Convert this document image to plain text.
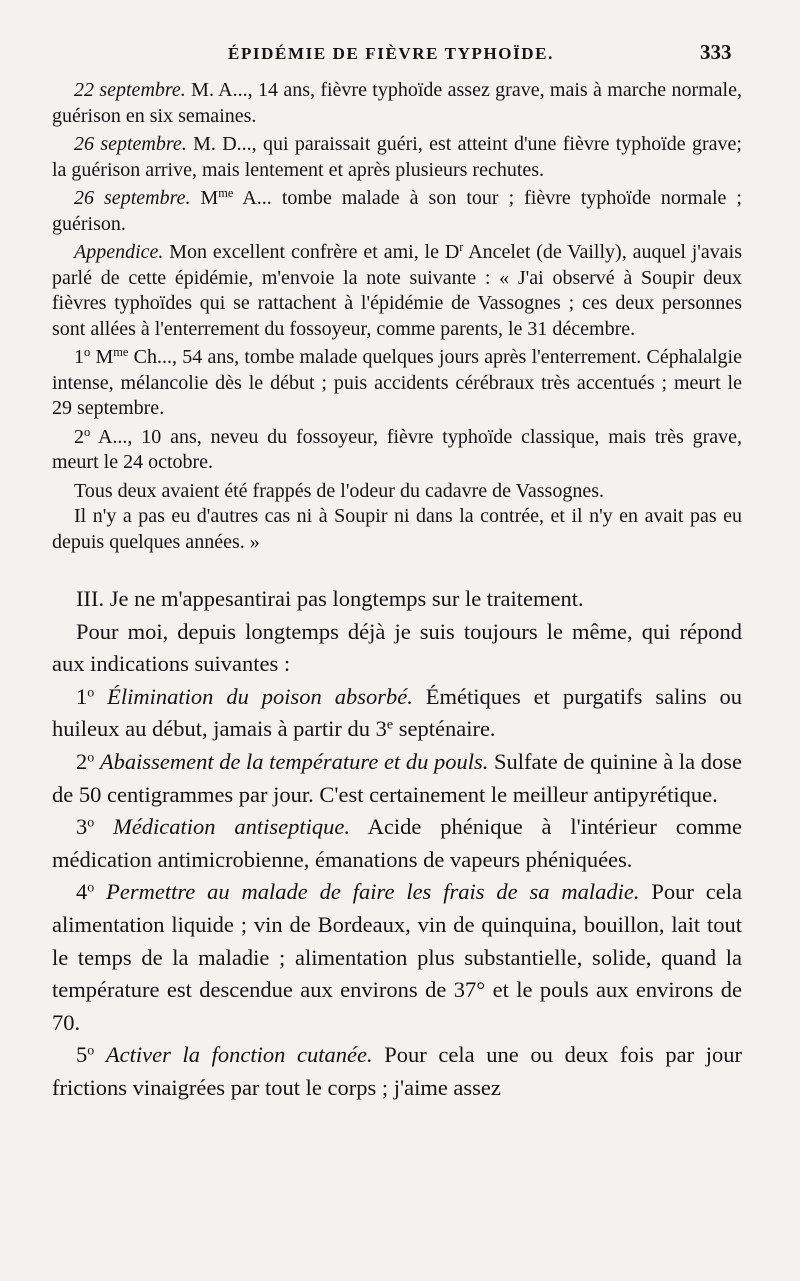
ÉPIDÉMIE DE FIÈVRE TYPHOÏDE.	333

22 septembre. M. A..., 14 ans, fièvre typhoïde assez grave, mais à marche normale, guérison en six semaines.

26 septembre. M. D..., qui paraissait guéri, est atteint d'une fièvre typhoïde grave; la guérison arrive, mais lentement et après plusieurs rechutes.

26 septembre. $M^{me}$ A... tombe malade à son tour ; fièvre typhoïde normale ; guérison.

Appendice. Mon excellent confrère et ami, le $D^r$ Ancelet (de Vailly), auquel j'avais parlé de cette épidémie, m'envoie la note suivante : « J'ai observé à Soupir deux fièvres typhoïdes qui se rattachent à l'épidémie de Vassognes ; ces deux personnes sont allées à l'enterrement du fossoyeur, comme parents, le 31 décembre.

1$^o$ $M^{me}$ Ch..., 54 ans, tombe malade quelques jours après l'enterrement. Céphalalgie intense, mélancolie dès le début ; puis accidents cérébraux très accentués ; meurt le 29 septembre.

2$^o$ A..., 10 ans, neveu du fossoyeur, fièvre typhoïde classique, mais très grave, meurt le 24 octobre.

Tous deux avaient été frappés de l'odeur du cadavre de Vassognes.

Il n'y a pas eu d'autres cas ni à Soupir ni dans la contrée, et il n'y en avait pas eu depuis quelques années. »

III. Je ne m'appesantirai pas longtemps sur le traitement.

Pour moi, depuis longtemps déjà je suis toujours le même, qui répond aux indications suivantes :

1$^o$ Élimination du poison absorbé. Émétiques et purgatifs salins ou huileux au début, jamais à partir du 3e septénaire.

2$^o$ Abaissement de la température et du pouls. Sulfate de quinine à la dose de 50 centigrammes par jour. C'est certainement le meilleur antipyrétique.

3$^o$ Médication antiseptique. Acide phénique à l'intérieur comme médication antimicrobienne, émanations de vapeurs phéniquées.

4$^o$ Permettre au malade de faire les frais de sa maladie. Pour cela alimentation liquide ; vin de Bordeaux, vin de quinquina, bouillon, lait tout le temps de la maladie ; alimentation plus substantielle, solide, quand la température est descendue aux environs de 37° et le pouls aux environs de 70.

5$^o$ Activer la fonction cutanée. Pour cela une ou deux fois par jour frictions vinaigrées par tout le corps ; j'aime assez
